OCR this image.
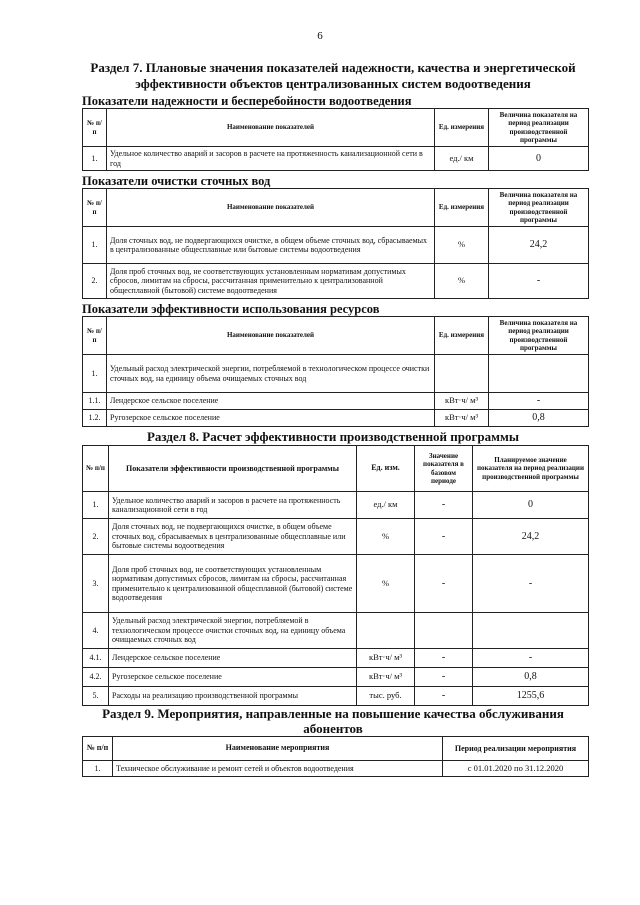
6
Раздел 7. Плановые значения показателей надежности, качества и энергетической
эффективности объектов централизованных систем водоотведения
Показатели надежности и бесперебойности водоотведения
№ п/п	Наименование показателей	Ед. измерения	Величина показателя на период реализации производственной программы
1.	Удельное количество аварий и засоров в расчете на протяженность канализационной сети в год	ед./ км	0
Показатели очистки сточных вод
№ п/п	Наименование показателей	Ед. измерения	Величина показателя на период реализации производственной программы
1.	Доля сточных вод, не подвергающихся очистке, в общем объеме сточных вод, сбрасываемых в централизованные общесплавные или бытовые системы водоотведения	%	24,2
2.	Доля проб сточных вод, не соответствующих установленным нормативам допустимых сбросов, лимитам на сбросы, рассчитанная применительно к централизованной общесплавной (бытовой) системе водоотведения	%	-
Показатели эффективности использования ресурсов
№ п/п	Наименование показателей	Ед. измерения	Величина показателя на период реализации производственной программы
1.	Удельный расход электрической энергии, потребляемой в технологическом процессе очистки сточных вод, на единицу объема очищаемых сточных вод		
1.1.	Лендерское сельское поселение	кВт·ч/ м³	-
1.2.	Ругозерское сельское поселение	кВт·ч/ м³	0,8
Раздел 8. Расчет эффективности производственной программы
№ п/п	Показатели эффективности производственной программы	Ед. изм.	Значение показателя в базовом периоде	Планируемое значение показателя на период реализации производственной программы
1.	Удельное количество аварий и засоров в расчете на протяженность канализационной сети в год	ед./ км	-	0
2.	Доля сточных вод, не подвергающихся очистке, в общем объеме сточных вод, сбрасываемых в централизованные общесплавные или бытовые системы водоотведения	%	-	24,2
3.	Доля проб сточных вод, не соответствующих установленным нормативам допустимых сбросов, лимитам на сбросы, рассчитанная применительно к централизованной общесплавной (бытовой) системе водоотведения	%	-	-
4.	Удельный расход электрической энергии, потребляемой в технологическом процессе очистки сточных вод, на единицу объема очищаемых сточных вод			
4.1.	Лендерское сельское поселение	кВт·ч/ м³	-	-
4.2.	Ругозерское сельское поселение	кВт·ч/ м³	-	0,8
5.	Расходы на реализацию производственной программы	тыс. руб.	-	1255,6
Раздел 9. Мероприятия, направленные на повышение качества обслуживания
абонентов
№ п/п	Наименование мероприятия	Период реализации мероприятия
1.	Техническое обслуживание и ремонт сетей и объектов водоотведения	с 01.01.2020 по 31.12.2020
